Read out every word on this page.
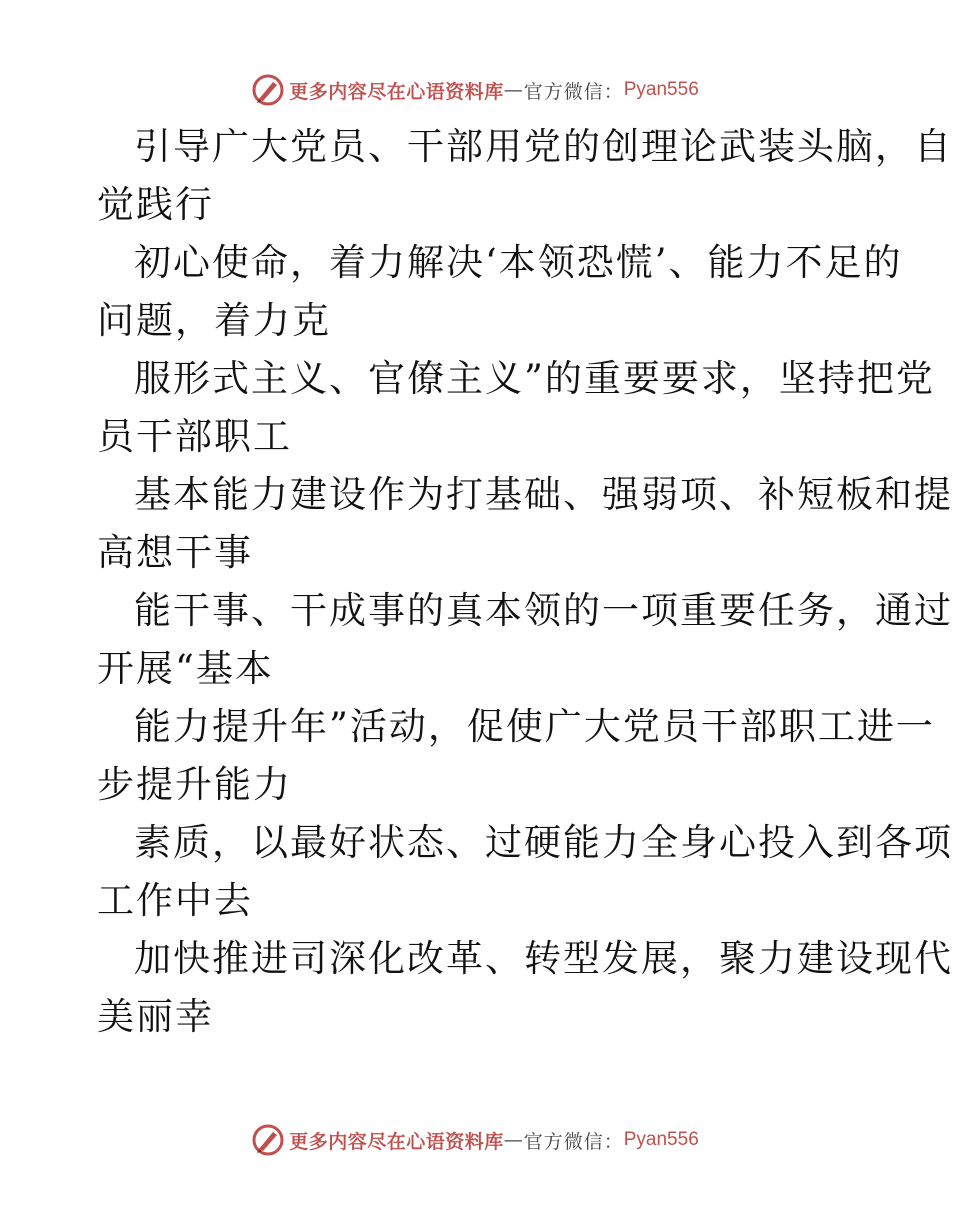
更多内容尽在心语资料库 — 官方微信： Pyan556

引导广大党员、干部用党的创理论武装头脑，自

觉践行

初心使命，着力解决‘本领恐慌’、能力不足的

问题，着力克

服形式主义、官僚主义”的重要要求，坚持把党

员干部职工

基本能力建设作为打基础、强弱项、补短板和提

高想干事

能干事、干成事的真本领的一项重要任务，通过

开展“基本

能力提升年”活动，促使广大党员干部职工进一

步提升能力

素质，以最好状态、过硬能力全身心投入到各项

工作中去

加快推进司深化改革、转型发展，聚力建设现代

美丽幸

更多内容尽在心语资料库 — 官方微信： Pyan556
